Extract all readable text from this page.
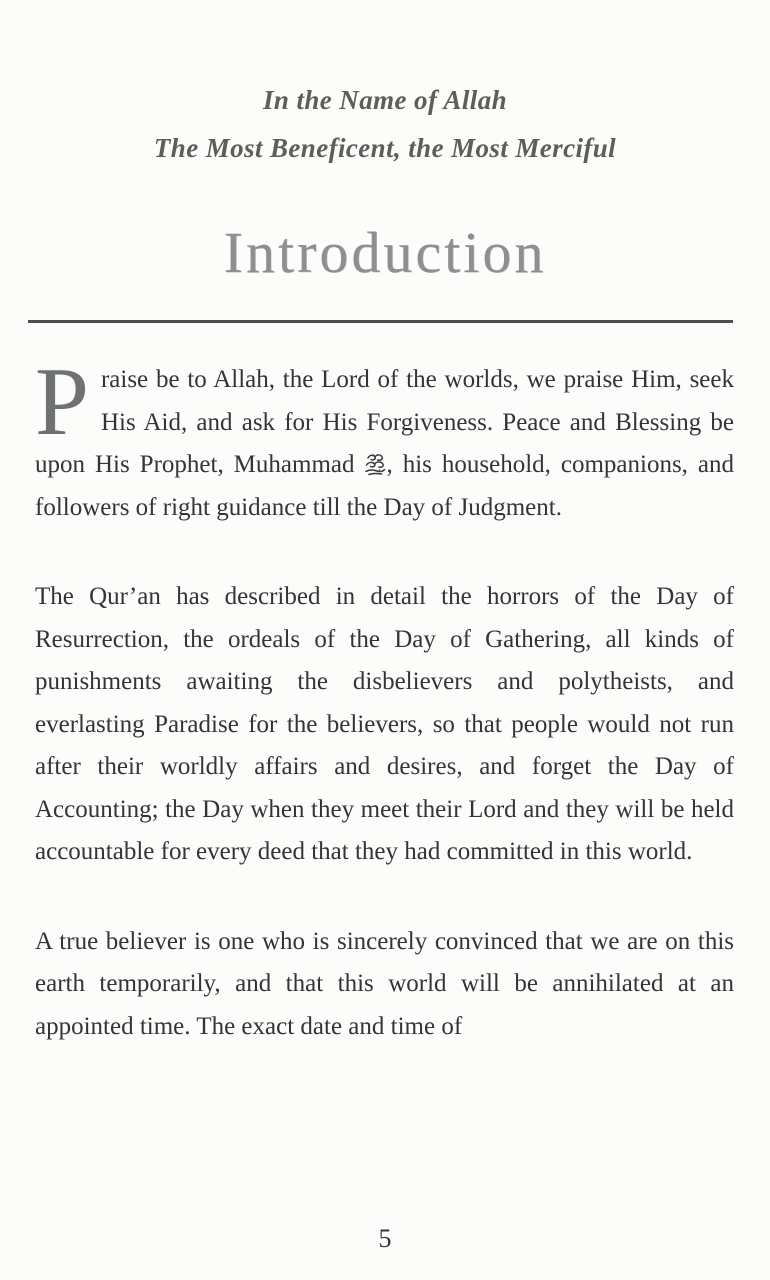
In the Name of Allah
The Most Beneficent, the Most Merciful
Introduction

Praise be to Allah, the Lord of the worlds, we praise Him, seek His Aid, and ask for His Forgiveness. Peace and Blessing be upon His Prophet, Muhammad , his household, companions, and followers of right guidance till the Day of Judgment.

The Qur’an has described in detail the horrors of the Day of Resurrection, the ordeals of the Day of Gathering, all kinds of punishments awaiting the disbelievers and polytheists, and everlasting Paradise for the believers, so that people would not run after their worldly affairs and desires, and forget the Day of Accounting; the Day when they meet their Lord and they will be held accountable for every deed that they had committed in this world.

A true believer is one who is sincerely convinced that we are on this earth temporarily, and that this world will be annihilated at an appointed time. The exact date and time of

5
